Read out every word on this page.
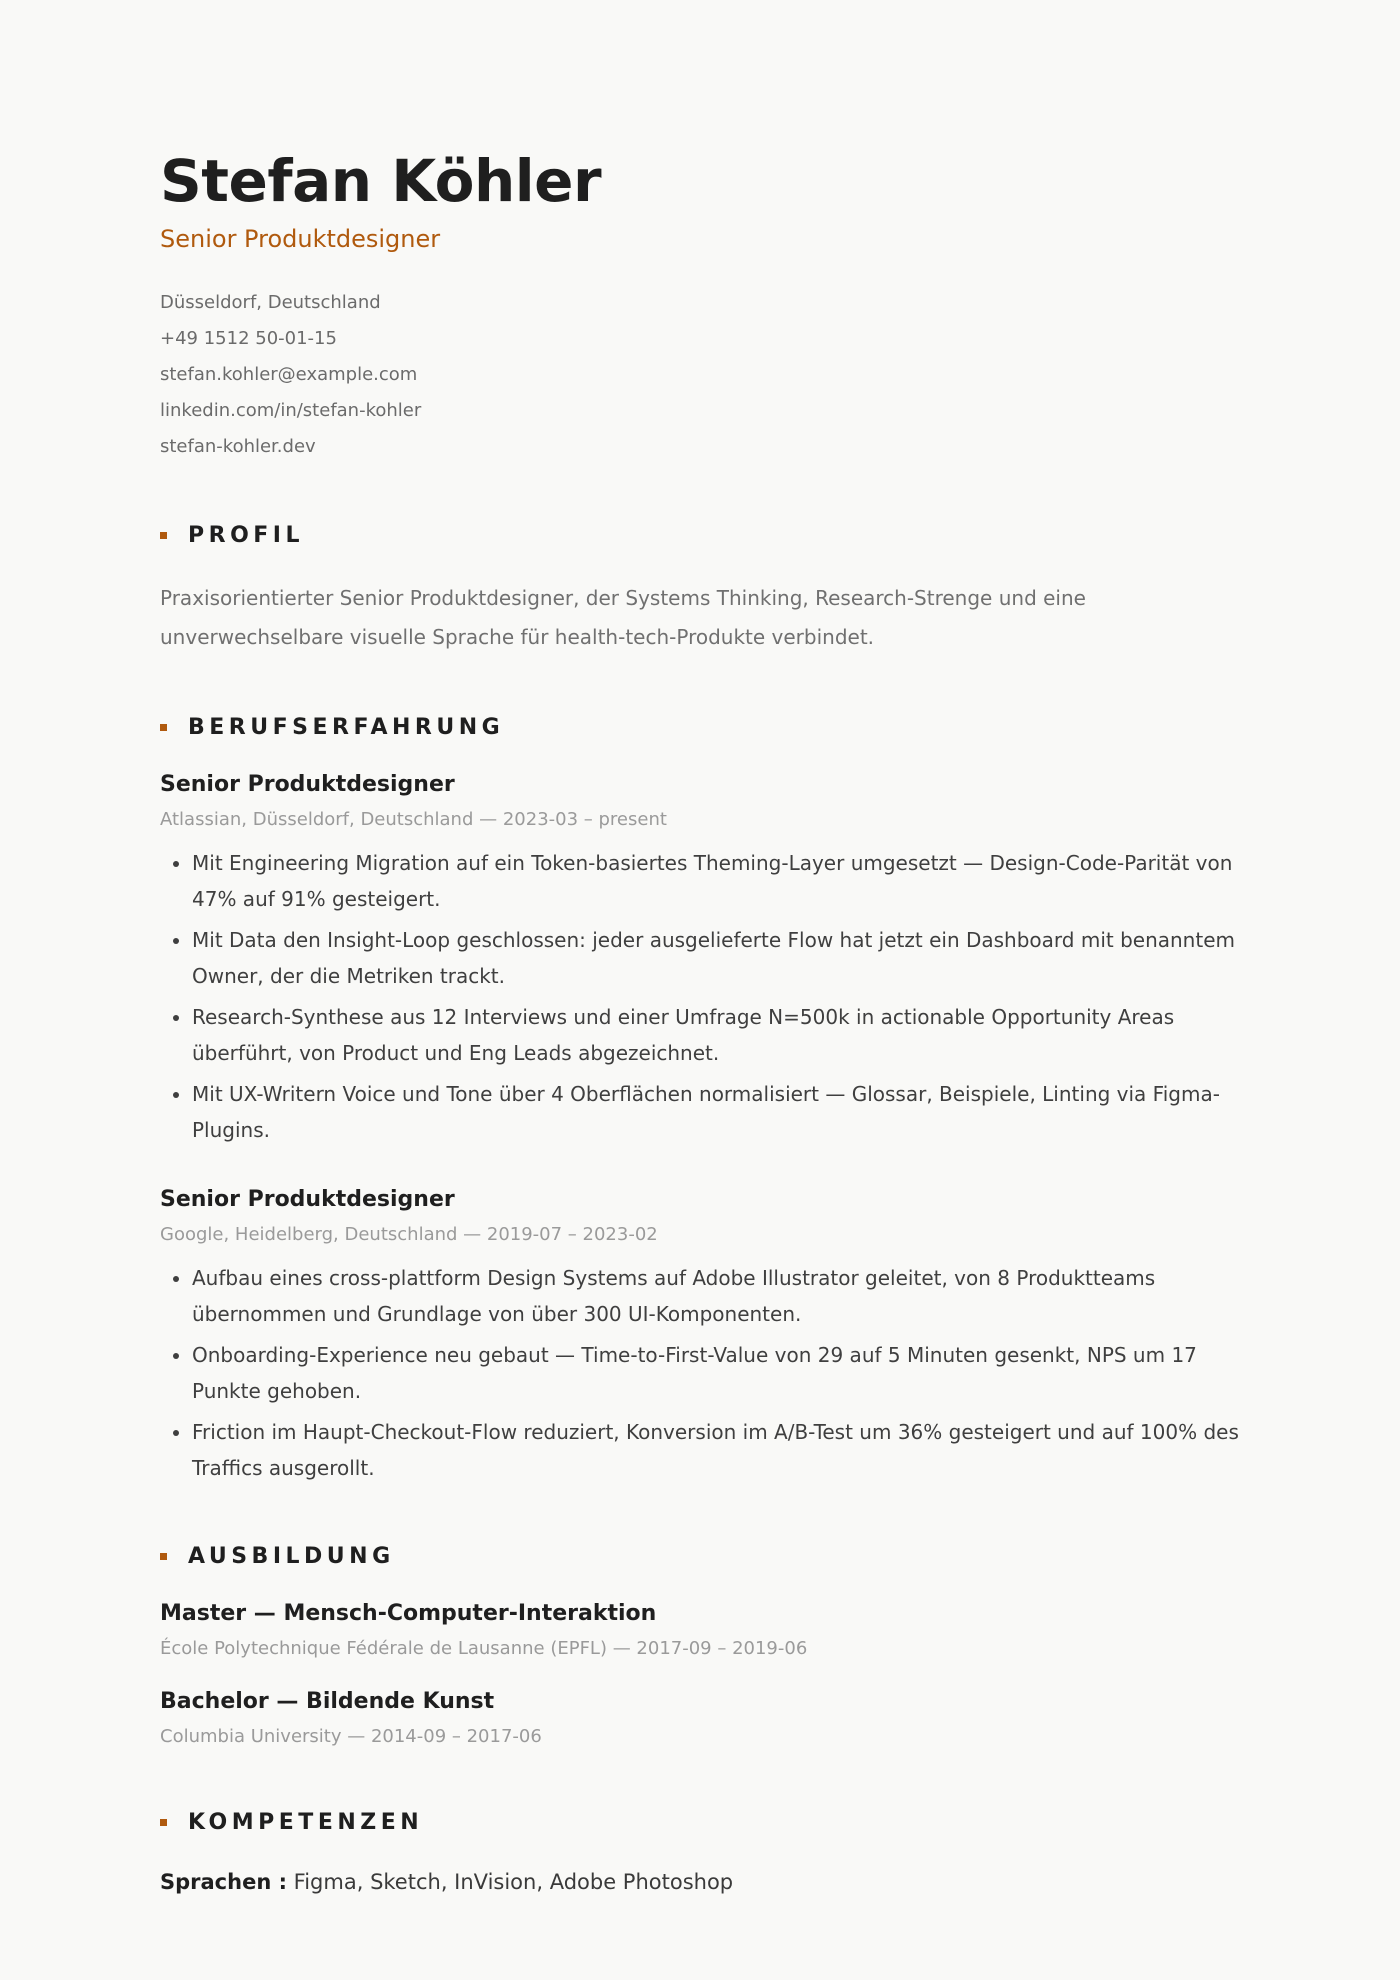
Stefan Köhler
Senior Produktdesigner
Düsseldorf, Deutschland
+49 1512 50-01-15
stefan.kohler@example.com
linkedin.com/in/stefan-kohler
stefan-kohler.dev
PROFIL

Praxisorientierter Senior Produktdesigner, der Systems Thinking, Research-Strenge und eine unverwechselbare visuelle Sprache für health-tech-Produkte verbindet.

BERUFSERFAHRUNG
Senior Produktdesigner
Atlassian, Düsseldorf, Deutschland — 2023-03 – present
• Mit Engineering Migration auf ein Token-basiertes Theming-Layer umgesetzt — Design-Code-Parität von 47% auf 91% gesteigert.
• Mit Data den Insight-Loop geschlossen: jeder ausgelieferte Flow hat jetzt ein Dashboard mit benanntem Owner, der die Metriken trackt.
• Research-Synthese aus 12 Interviews und einer Umfrage N=500k in actionable Opportunity Areas überführt, von Product und Eng Leads abgezeichnet.
• Mit UX-Writern Voice und Tone über 4 Oberflächen normalisiert — Glossar, Beispiele, Linting via Figma-Plugins.
Senior Produktdesigner
Google, Heidelberg, Deutschland — 2019-07 – 2023-02
• Aufbau eines cross-plattform Design Systems auf Adobe Illustrator geleitet, von 8 Produktteams übernommen und Grundlage von über 300 UI-Komponenten.
• Onboarding-Experience neu gebaut — Time-to-First-Value von 29 auf 5 Minuten gesenkt, NPS um 17 Punkte gehoben.
• Friction im Haupt-Checkout-Flow reduziert, Konversion im A/B-Test um 36% gesteigert und auf 100% des Traffics ausgerollt.
AUSBILDUNG
Master — Mensch-Computer-Interaktion
École Polytechnique Fédérale de Lausanne (EPFL) — 2017-09 – 2019-06
Bachelor — Bildende Kunst
Columbia University — 2014-09 – 2017-06
KOMPETENZEN
Sprachen : Figma, Sketch, InVision, Adobe Photoshop
